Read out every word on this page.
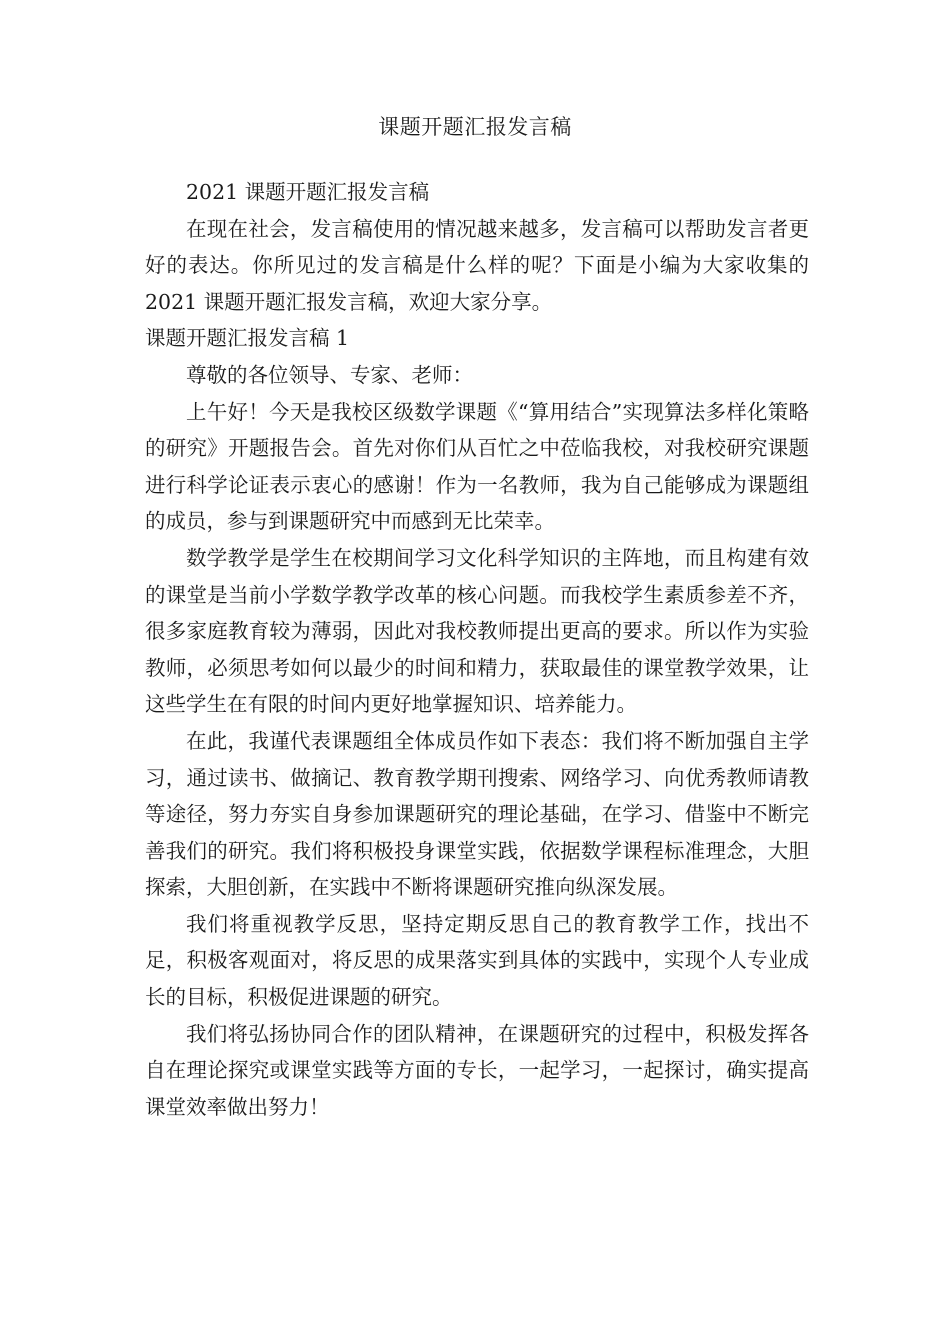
课题开题汇报发言稿

2021 课题开题汇报发言稿

在现在社会，发言稿使用的情况越来越多，发言稿可以帮助发言者更好的表达。你所见过的发言稿是什么样的呢？下面是小编为大家收集的2021 课题开题汇报发言稿，欢迎大家分享。

课题开题汇报发言稿 1

尊敬的各位领导、专家、老师：

上午好！今天是我校区级数学课题《“算用结合”实现算法多样化策略的研究》开题报告会。首先对你们从百忙之中莅临我校，对我校研究课题进行科学论证表示衷心的感谢！作为一名教师，我为自己能够成为课题组的成员，参与到课题研究中而感到无比荣幸。

数学教学是学生在校期间学习文化科学知识的主阵地，而且构建有效的课堂是当前小学数学教学改革的核心问题。而我校学生素质参差不齐，很多家庭教育较为薄弱，因此对我校教师提出更高的要求。所以作为实验教师，必须思考如何以最少的时间和精力，获取最佳的课堂教学效果，让这些学生在有限的时间内更好地掌握知识、培养能力。

在此，我谨代表课题组全体成员作如下表态：我们将不断加强自主学习，通过读书、做摘记、教育教学期刊搜索、网络学习、向优秀教师请教等途径，努力夯实自身参加课题研究的理论基础，在学习、借鉴中不断完善我们的研究。我们将积极投身课堂实践，依据数学课程标准理念，大胆探索，大胆创新，在实践中不断将课题研究推向纵深发展。

我们将重视教学反思，坚持定期反思自己的教育教学工作，找出不足，积极客观面对，将反思的成果落实到具体的实践中，实现个人专业成长的目标，积极促进课题的研究。

我们将弘扬协同合作的团队精神，在课题研究的过程中，积极发挥各自在理论探究或课堂实践等方面的专长，一起学习，一起探讨，确实提高课堂效率做出努力！
